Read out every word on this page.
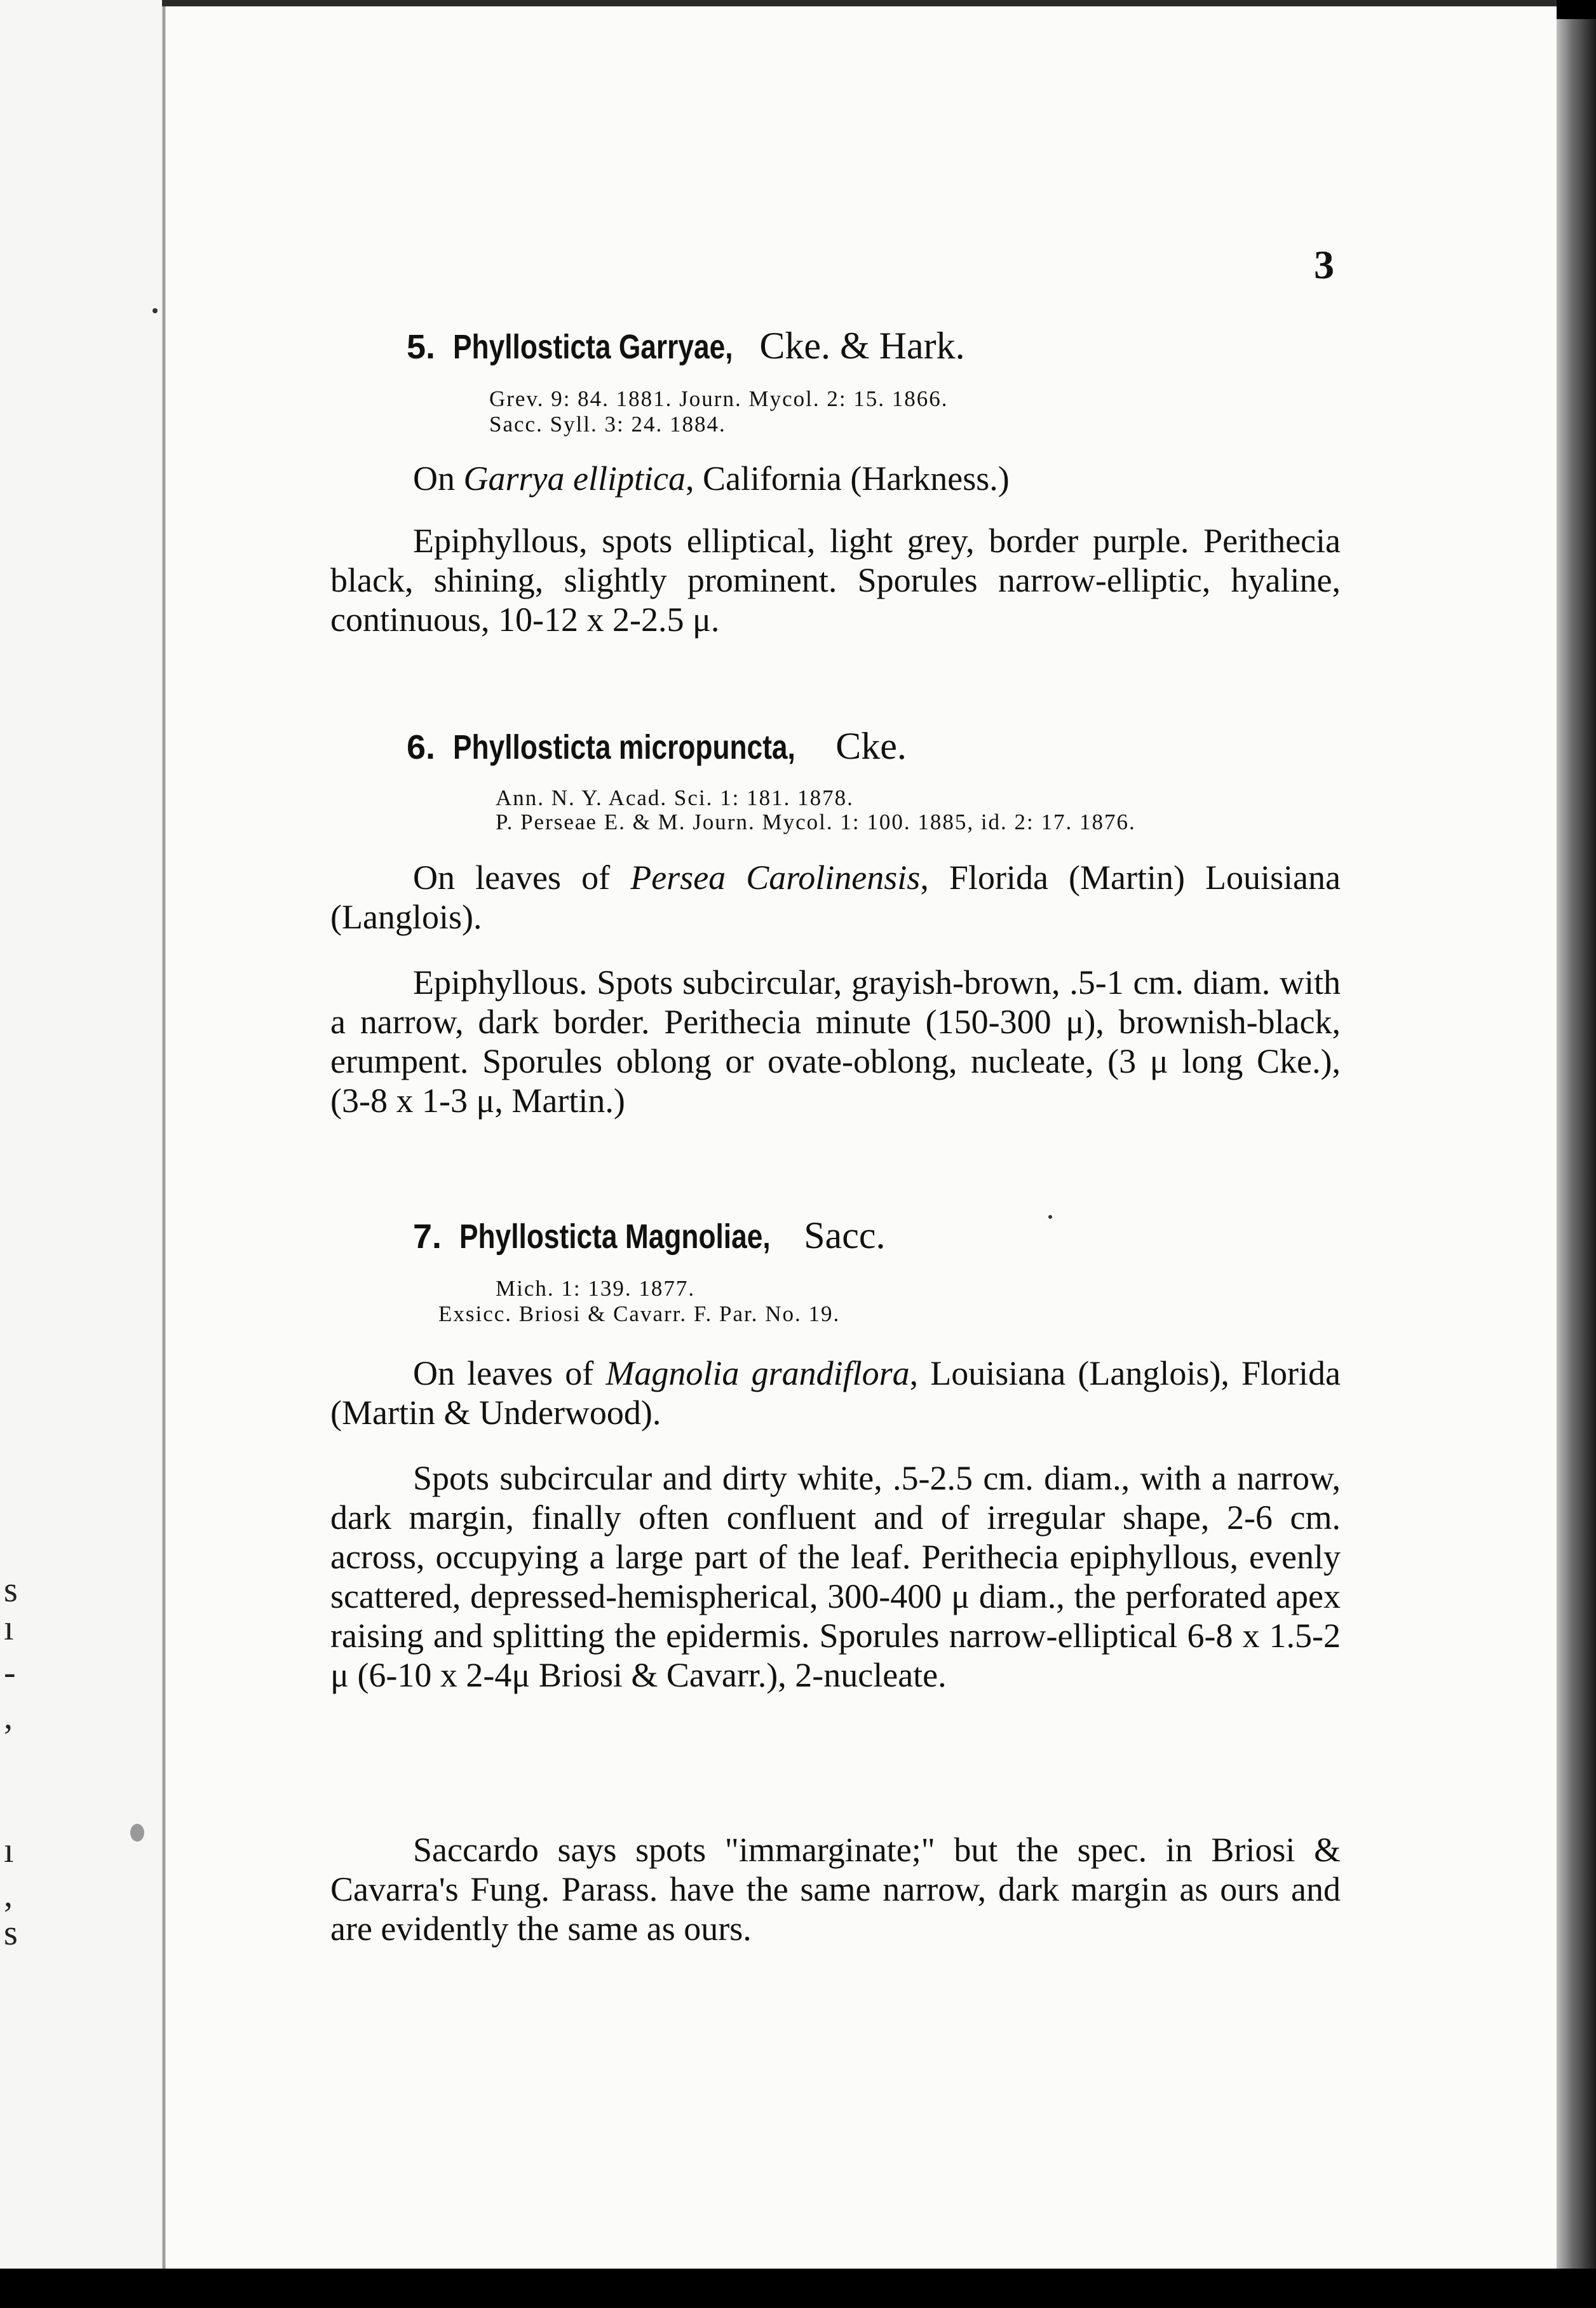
s
ı
-
,
ı
,
s
3
5. Phyllosticta Garryae, Cke. & Hark.
Grev. 9: 84. 1881. Journ. Mycol. 2: 15. 1866.
Sacc. Syll. 3: 24. 1884.

On Garrya elliptica, California (Harkness.)

Epiphyllous, spots elliptical, light grey, border purple. Perithecia black, shining, slightly prominent. Sporules narrow-elliptic, hyaline, continuous, 10-12 x 2-2.5 μ.

6. Phyllosticta micropuncta, Cke.
Ann. N. Y. Acad. Sci. 1: 181. 1878.
P. Perseae E. & M. Journ. Mycol. 1: 100. 1885, id. 2: 17. 1876.

On leaves of Persea Carolinensis, Florida (Martin) Louisiana (Langlois).

Epiphyllous. Spots subcircular, grayish-brown, .5-1 cm. diam. with a narrow, dark border. Perithecia minute (150-300 μ), brownish-black, erumpent. Sporules oblong or ovate-oblong, nucleate, (3 μ long Cke.), (3-8 x 1-3 μ, Martin.)

7. Phyllosticta Magnoliae, Sacc.
Mich. 1: 139. 1877.
Exsicc. Briosi & Cavarr. F. Par. No. 19.

On leaves of Magnolia grandiflora, Louisiana (Langlois), Florida (Martin & Underwood).

Spots subcircular and dirty white, .5-2.5 cm. diam., with a narrow, dark margin, finally often confluent and of irregular shape, 2-6 cm. across, occupying a large part of the leaf. Perithecia epiphyllous, evenly scattered, depressed-hemispherical, 300-400 μ diam., the perforated apex raising and splitting the epidermis. Sporules narrow-elliptical 6-8 x 1.5-2 μ (6-10 x 2-4μ Briosi & Cavarr.), 2-nucleate.

Saccardo says spots "immarginate;" but the spec. in Briosi & Cavarra's Fung. Parass. have the same narrow, dark margin as ours and are evidently the same as ours.
